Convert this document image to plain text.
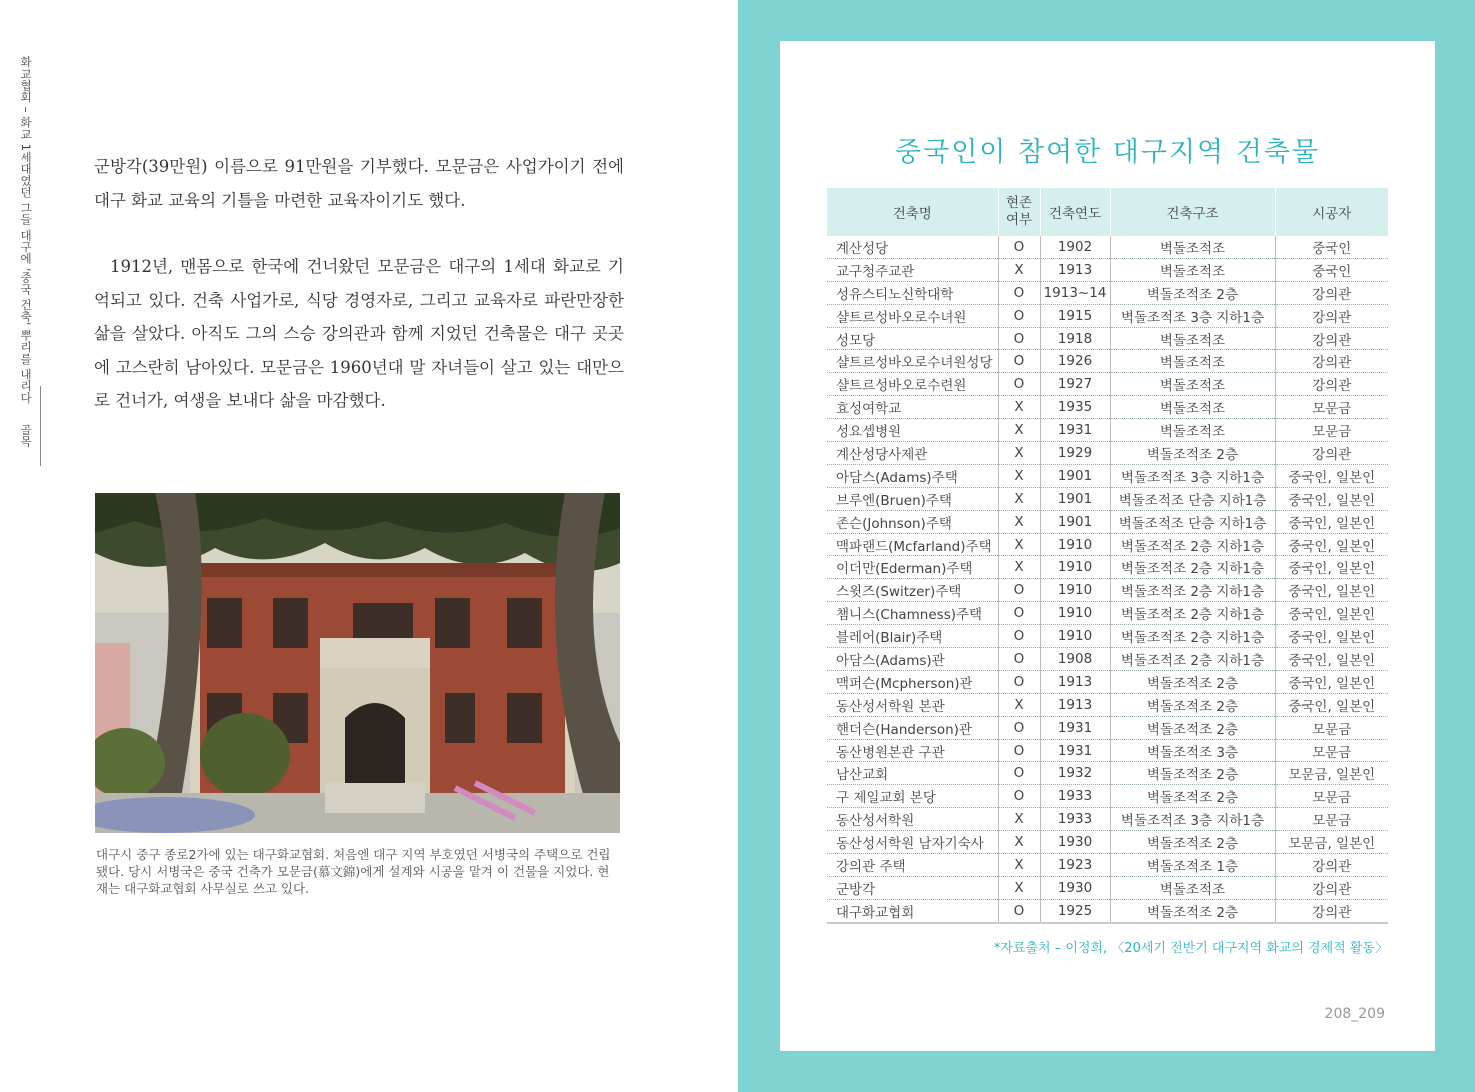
화교협회 – 화교 1세대였던 그들 대구에 '중국 건축' 뿌리를 내리다
골목

군방각(39만원) 이름으로 91만원을 기부했다. 모문금은 사업가이기 전에 대구 화교 교육의 기틀을 마련한 교육자이기도 했다.

1912년, 맨몸으로 한국에 건너왔던 모문금은 대구의 1세대 화교로 기억되고 있다. 건축 사업가로, 식당 경영자로, 그리고 교육자로 파란만장한 삶을 살았다. 아직도 그의 스승 강의관과 함께 지었던 건축물은 대구 곳곳에 고스란히 남아있다. 모문금은 1960년대 말 자녀들이 살고 있는 대만으로 건너가, 여생을 보내다 삶을 마감했다.

대구시 중구 종로2가에 있는 대구화교협회. 처음엔 대구 지역 부호였던 서병국의 주택으로 건립됐다. 당시 서병국은 중국 건축가 모문금(慕文錦)에게 설계와 시공을 맡겨 이 건물을 지었다. 현재는 대구화교협회 사무실로 쓰고 있다.
중국인이 참여한 대구지역 건축물
건축명	현존 여부	건축연도	건축구조	시공자
계산성당	O	1902	벽돌조적조	중국인
교구청주교관	X	1913	벽돌조적조	중국인
성유스티노신학대학	O	1913~14	벽돌조적조 2층	강의관
샬트르성바오로수녀원	O	1915	벽돌조적조 3층 지하1층	강의관
성모당	O	1918	벽돌조적조	강의관
샬트르성바오로수녀원성당	O	1926	벽돌조적조	강의관
샬트르성바오로수련원	O	1927	벽돌조적조	강의관
효성여학교	X	1935	벽돌조적조	모문금
성요셉병원	X	1931	벽돌조적조	모문금
계산성당사제관	X	1929	벽돌조적조 2층	강의관
아담스(Adams)주택	X	1901	벽돌조적조 3층 지하1층	중국인, 일본인
브루엔(Bruen)주택	X	1901	벽돌조적조 단층 지하1층	중국인, 일본인
존슨(Johnson)주택	X	1901	벽돌조적조 단층 지하1층	중국인, 일본인
맥파랜드(Mcfarland)주택	X	1910	벽돌조적조 2층 지하1층	중국인, 일본인
이더만(Ederman)주택	X	1910	벽돌조적조 2층 지하1층	중국인, 일본인
스윗즈(Switzer)주택	O	1910	벽돌조적조 2층 지하1층	중국인, 일본인
챔니스(Chamness)주택	O	1910	벽돌조적조 2층 지하1층	중국인, 일본인
블레어(Blair)주택	O	1910	벽돌조적조 2층 지하1층	중국인, 일본인
아담스(Adams)관	O	1908	벽돌조적조 2층 지하1층	중국인, 일본인
맥퍼슨(Mcpherson)관	O	1913	벽돌조적조 2층	중국인, 일본인
동산성서학원 본관	X	1913	벽돌조적조 2층	중국인, 일본인
핸더슨(Handerson)관	O	1931	벽돌조적조 2층	모문금
동산병원본관 구관	O	1931	벽돌조적조 3층	모문금
남산교회	O	1932	벽돌조적조 2층	모문금, 일본인
구 제일교회 본당	O	1933	벽돌조적조 2층	모문금
동산성서학원	X	1933	벽돌조적조 3층 지하1층	모문금
동산성서학원 남자기숙사	X	1930	벽돌조적조 2층	모문금, 일본인
강의관 주택	X	1923	벽돌조적조 1층	강의관
군방각	X	1930	벽돌조적조	강의관
대구화교협회	O	1925	벽돌조적조 2층	강의관
*자료출처 – 이정희, 〈20세기 전반기 대구지역 화교의 경제적 활동〉
208_209
